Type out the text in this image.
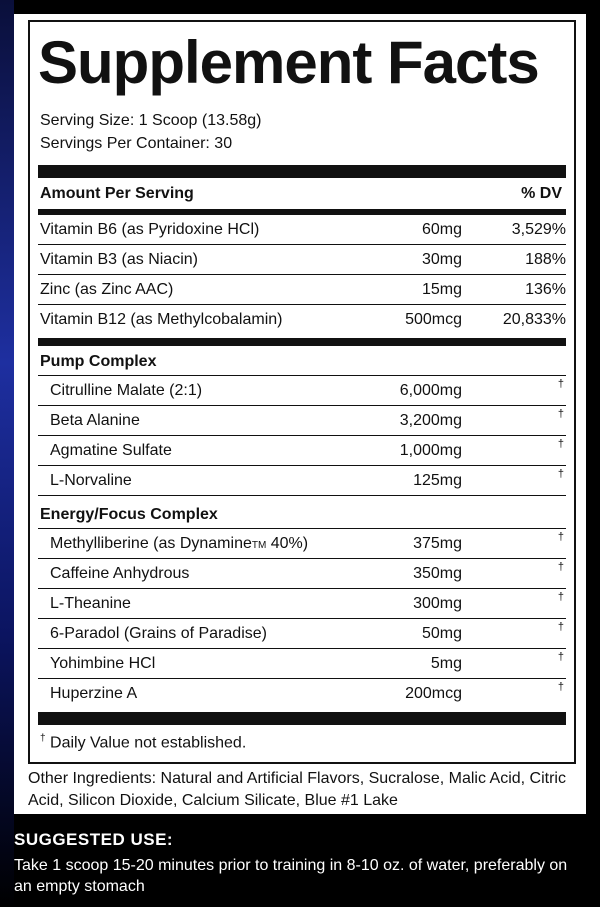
Supplement Facts
Serving Size: 1 Scoop (13.58g)
Servings Per Container: 30
Amount Per Serving	% DV
Vitamin B6 (as Pyridoxine HCl)	60mg	3,529%
Vitamin B3 (as Niacin)	30mg	188%
Zinc (as Zinc AAC)	15mg	136%
Vitamin B12 (as Methylcobalamin)	500mcg	20,833%
Pump Complex
Citrulline Malate (2:1)	6,000mg	†
Beta Alanine	3,200mg	†
Agmatine Sulfate	1,000mg	†
L-Norvaline	125mg	†
Energy/Focus Complex
Methylliberine (as DynamineTM 40%)	375mg	†
Caffeine Anhydrous	350mg	†
L-Theanine	300mg	†
6-Paradol (Grains of Paradise)	50mg	†
Yohimbine HCl	5mg	†
Huperzine A	200mcg	†
† Daily Value not established.
Other Ingredients: Natural and Artificial Flavors, Sucralose, Malic Acid, Citric Acid, Silicon Dioxide, Calcium Silicate, Blue #1 Lake
SUGGESTED USE:
Take 1 scoop 15-20 minutes prior to training in 8-10 oz. of water, preferably on an empty stomach
